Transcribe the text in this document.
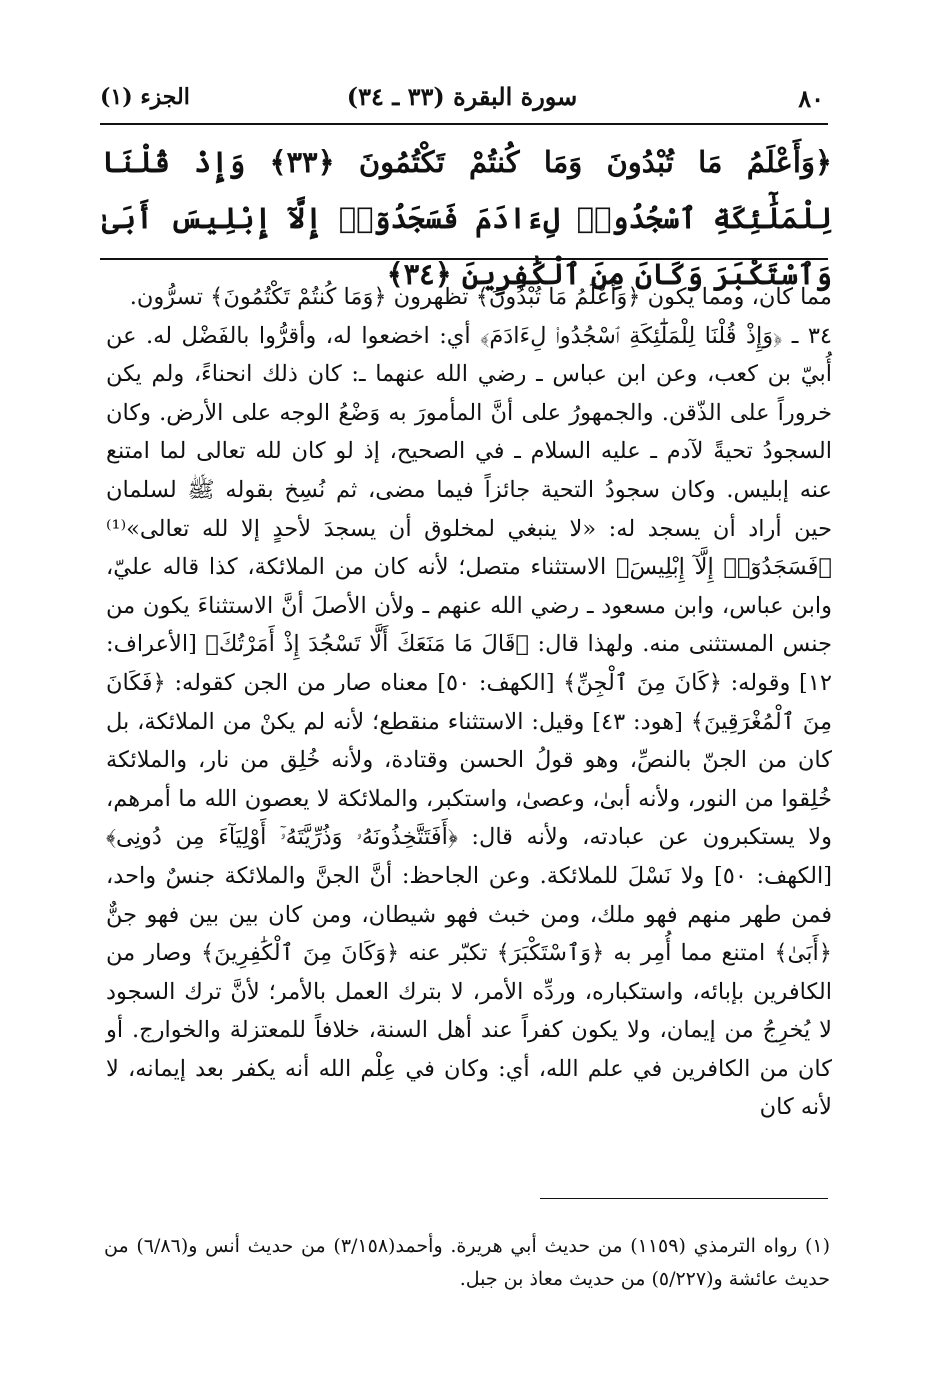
٨٠
سورة البقرة (٣٣ ـ ٣٤)
الجزء (١)
﴿وَأَعْلَمُ مَا تُبْدُونَ وَمَا كُنتُمْ تَكْتُمُونَ ﴿٣٣﴾ وَإِذْ قُلْنَا لِلْمَلَٰٓئِكَةِ ٱسْجُدُوا۟ لِءَادَمَ فَسَجَدُوٓا۟ إِلَّآ إِبْلِيسَ أَبَىٰ وَٱسْتَكْبَرَ وَكَانَ مِنَ ٱلْكَٰفِرِينَ ﴿٣٤﴾

مما كان، ومما يكون ﴿وَأَعْلَمُ مَا تُبْدُونَ﴾ تظهرون ﴿وَمَا كُنتُمْ تَكْتُمُونَ﴾ تسرُّون.

٣٤ ـ ﴿وَإِذْ قُلْنَا لِلْمَلَٰٓئِكَةِ ٱسْجُدُوا۟ لِءَادَمَ﴾ أي: اخضعوا له، وأقرُّوا بالفَضْل له. عن أُبيّ بن كعب، وعن ابن عباس ـ رضي الله عنهما ـ: كان ذلك انحناءً، ولم يكن خروراً على الذّقن. والجمهورُ على أنَّ المأمورَ به وَضْعُ الوجه على الأرض. وكان السجودُ تحيةً لآدم ـ عليه السلام ـ في الصحيح، إذ لو كان لله تعالى لما امتنع عنه إبليس. وكان سجودُ التحية جائزاً فيما مضى، ثم نُسِخ بقوله ﷺ لسلمان حين أراد أن يسجد له: «لا ينبغي لمخلوق أن يسجدَ لأحدٍ إلا لله تعالى»⁽¹⁾ ﴿فَسَجَدُوٓا۟ إِلَّآ إِبْلِيسَ﴾ الاستثناء متصل؛ لأنه كان من الملائكة، كذا قاله عليّ، وابن عباس، وابن مسعود ـ رضي الله عنهم ـ ولأن الأصلَ أنَّ الاستثناءَ يكون من جنس المستثنى منه. ولهذا قال: ﴿قَالَ مَا مَنَعَكَ أَلَّا تَسْجُدَ إِذْ أَمَرْتُكَ﴾ [الأعراف: ١٢] وقوله: ﴿كَانَ مِنَ ٱلْجِنِّ﴾ [الكهف: ٥٠] معناه صار من الجن كقوله: ﴿فَكَانَ مِنَ ٱلْمُغْرَقِينَ﴾ [هود: ٤٣] وقيل: الاستثناء منقطع؛ لأنه لم يكنْ من الملائكة، بل كان من الجنّ بالنصِّ، وهو قولُ الحسن وقتادة، ولأنه خُلِق من نار، والملائكة خُلِقوا من النور، ولأنه أبىٰ، وعصىٰ، واستكبر، والملائكة لا يعصون الله ما أمرهم، ولا يستكبرون عن عبادته، ولأنه قال: ﴿أَفَتَتَّخِذُونَهُۥ وَذُرِّيَّتَهُۥٓ أَوْلِيَآءَ مِن دُونِى﴾ [الكهف: ٥٠] ولا نَسْلَ للملائكة. وعن الجاحظ: أنَّ الجنَّ والملائكة جنسٌ واحد، فمن طهر منهم فهو ملك، ومن خبث فهو شيطان، ومن كان بين بين فهو جنٌّ ﴿أَبَىٰ﴾ امتنع مما أُمِر به ﴿وَٱسْتَكْبَرَ﴾ تكبّر عنه ﴿وَكَانَ مِنَ ٱلْكَٰفِرِينَ﴾ وصار من الكافرين بإبائه، واستكباره، وردِّه الأمر، لا بترك العمل بالأمر؛ لأنَّ ترك السجود لا يُخرِجُ من إيمان، ولا يكون كفراً عند أهل السنة، خلافاً للمعتزلة والخوارج. أو كان من الكافرين في علم الله، أي: وكان في عِلْم الله أنه يكفر بعد إيمانه، لا لأنه كان

(١) رواه الترمذي (١١٥٩) من حديث أبي هريرة. وأحمد(٣/١٥٨) من حديث أنس و(٦/٨٦) من حديث عائشة و(٥/٢٢٧) من حديث معاذ بن جبل.
